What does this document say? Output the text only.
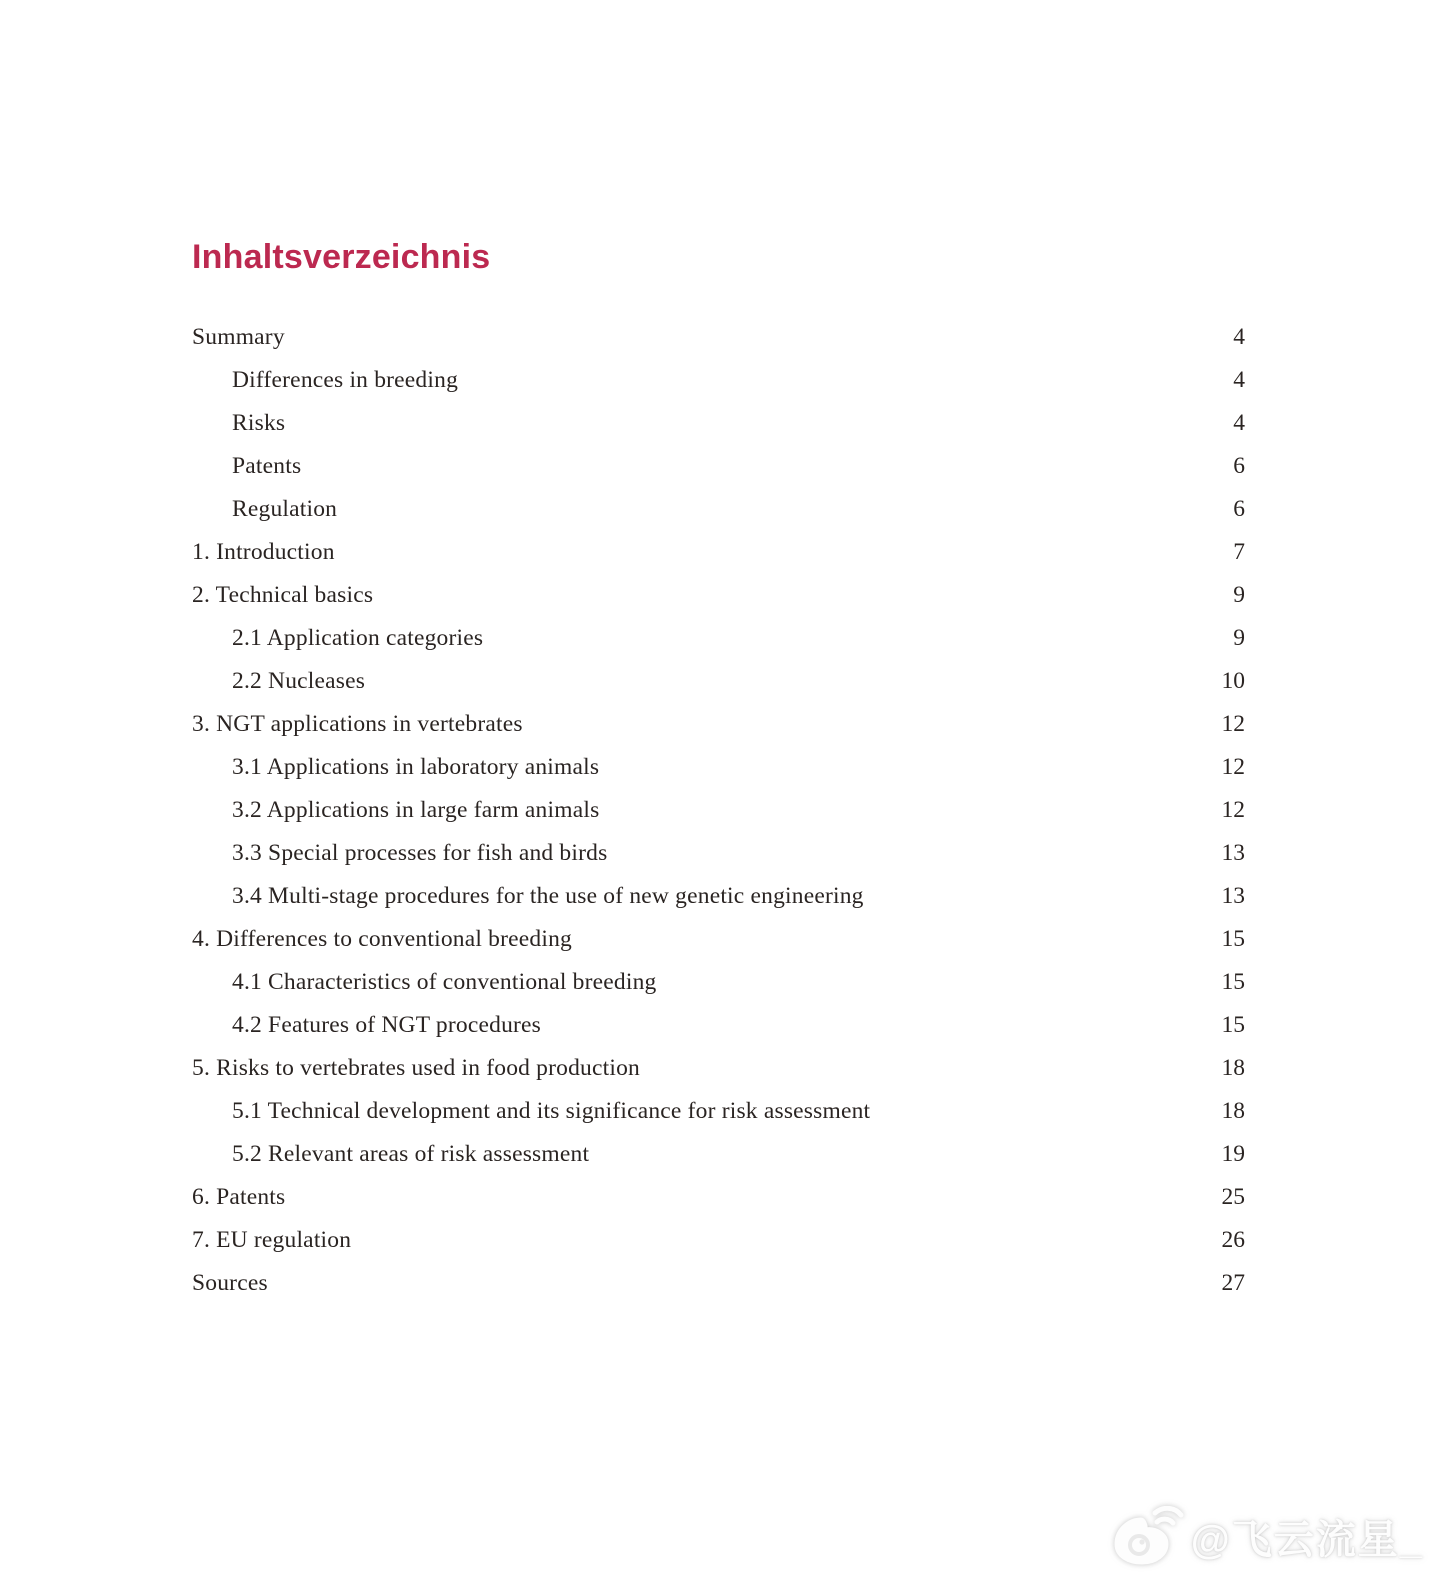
Inhaltsverzeichnis
Summary	4
Differences in breeding	4
Risks	4
Patents	6
Regulation	6
1. Introduction	7
2. Technical basics	9
2.1 Application categories	9
2.2 Nucleases	10
3. NGT applications in vertebrates	12
3.1 Applications in laboratory animals	12
3.2 Applications in large farm animals	12
3.3 Special processes for fish and birds	13
3.4 Multi-stage procedures for the use of new genetic engineering	13
4. Differences to conventional breeding	15
4.1 Characteristics of conventional breeding	15
4.2 Features of NGT procedures	15
5. Risks to vertebrates used in food production	18
5.1 Technical development and its significance for risk assessment	18
5.2 Relevant areas of risk assessment	19
6. Patents	25
7. EU regulation	26
Sources	27
@飞云流星_
